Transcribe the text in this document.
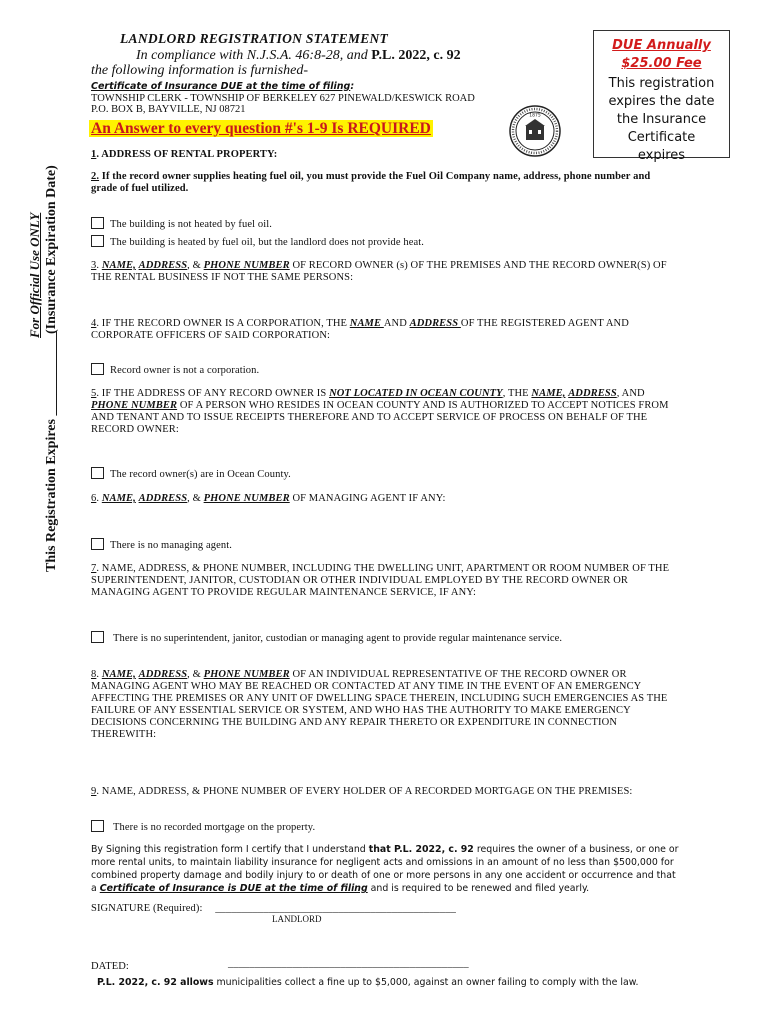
LANDLORD REGISTRATION STATEMENT
In compliance with N.J.S.A. 46:8-28, and P.L. 2022, c. 92
the following information is furnished-
Certificate of Insurance DUE at the time of filing:
TOWNSHIP CLERK - TOWNSHIP OF BERKELEY 627 PINEWALD/KESWICK ROAD
P.O. BOX B, BAYVILLE, NJ 08721
An Answer to every question #'s 1-9 Is REQUIRED
1875
DUE Annually
$25.00 Fee
This registration
expires the date
the Insurance
Certificate
expires
For Official Use ONLY (Insurance Expiration Date)
This Registration Expires ____________
1. ADDRESS OF RENTAL PROPERTY:
2. If the record owner supplies heating fuel oil, you must provide the Fuel Oil Company name, address, phone number and grade of fuel utilized.
The building is not heated by fuel oil.
The building is heated by fuel oil, but the landlord does not provide heat.
3. NAME, ADDRESS, & PHONE NUMBER OF RECORD OWNER (s) OF THE PREMISES AND THE RECORD OWNER(S) OF THE RENTAL BUSINESS IF NOT THE SAME PERSONS:
4. IF THE RECORD OWNER IS A CORPORATION, THE NAME AND ADDRESS OF THE REGISTERED AGENT AND CORPORATE OFFICERS OF SAID CORPORATION:
Record owner is not a corporation.
5. IF THE ADDRESS OF ANY RECORD OWNER IS NOT LOCATED IN OCEAN COUNTY, THE NAME, ADDRESS, AND PHONE NUMBER OF A PERSON WHO RESIDES IN OCEAN COUNTY AND IS AUTHORIZED TO ACCEPT NOTICES FROM AND TENANT AND TO ISSUE RECEIPTS THEREFORE AND TO ACCEPT SERVICE OF PROCESS ON BEHALF OF THE RECORD OWNER:
The record owner(s) are in Ocean County.
6. NAME, ADDRESS, & PHONE NUMBER OF MANAGING AGENT IF ANY:
There is no managing agent.
7. NAME, ADDRESS, & PHONE NUMBER, INCLUDING THE DWELLING UNIT, APARTMENT OR ROOM NUMBER OF THE SUPERINTENDENT, JANITOR, CUSTODIAN OR OTHER INDIVIDUAL EMPLOYED BY THE RECORD OWNER OR MANAGING AGENT TO PROVIDE REGULAR MAINTENANCE SERVICE, IF ANY:
There is no superintendent, janitor, custodian or managing agent to provide regular maintenance service.
8. NAME, ADDRESS, & PHONE NUMBER OF AN INDIVIDUAL REPRESENTATIVE OF THE RECORD OWNER OR MANAGING AGENT WHO MAY BE REACHED OR CONTACTED AT ANY TIME IN THE EVENT OF AN EMERGENCY AFFECTING THE PREMISES OR ANY UNIT OF DWELLING SPACE THEREIN, INCLUDING SUCH EMERGENCIES AS THE FAILURE OF ANY ESSENTIAL SERVICE OR SYSTEM, AND WHO HAS THE AUTHORITY TO MAKE EMERGENCY DECISIONS CONCERNING THE BUILDING AND ANY REPAIR THERETO OR EXPENDITURE IN CONNECTION THEREWITH:
9. NAME, ADDRESS, & PHONE NUMBER OF EVERY HOLDER OF A RECORDED MORTGAGE ON THE PREMISES:
There is no recorded mortgage on the property.
By Signing this registration form I certify that I understand that P.L. 2022, c. 92 requires the owner of a business, or one or more rental units, to maintain liability insurance for negligent acts and omissions in an amount of no less than $500,000 for combined property damage and bodily injury to or death of one or more persons in any one accident or occurrence and that a Certificate of Insurance is DUE at the time of filing and is required to be renewed and filed yearly.
SIGNATURE (Required): _____________________________________________
LANDLORD
DATED:	_____________________________________________
P.L. 2022, c. 92 allows municipalities collect a fine up to $5,000, against an owner failing to comply with the law.
